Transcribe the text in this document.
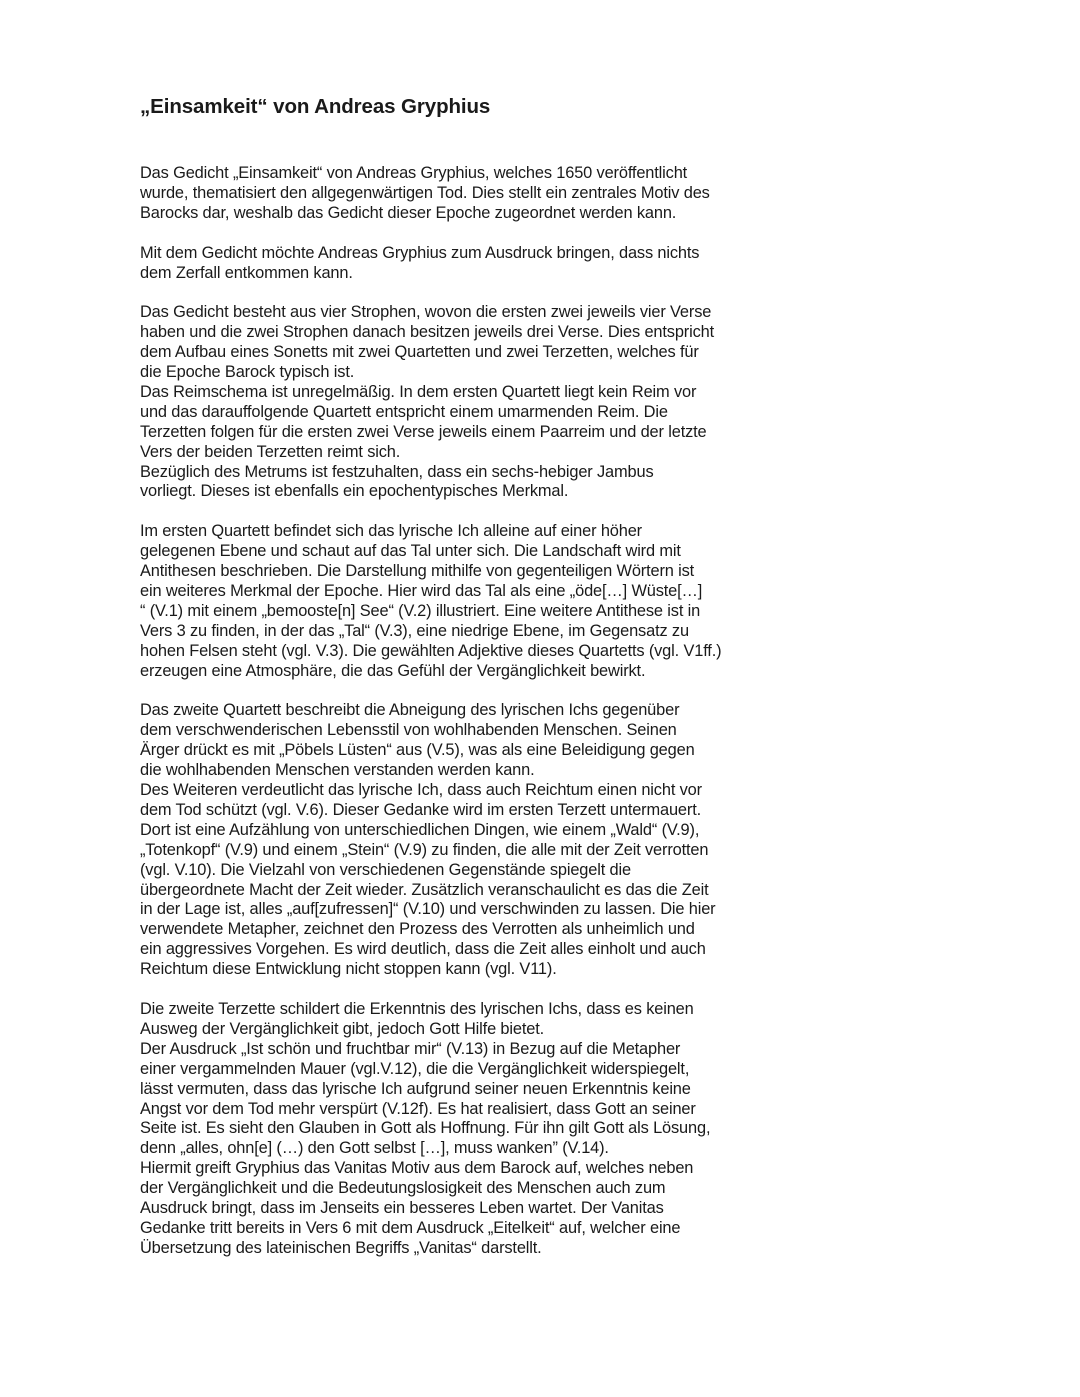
„Einsamkeit“ von Andreas Gryphius

Das Gedicht „Einsamkeit“ von Andreas Gryphius, welches 1650 veröffentlicht
wurde, thematisiert den allgegenwärtigen Tod. Dies stellt ein zentrales Motiv des
Barocks dar, weshalb das Gedicht dieser Epoche zugeordnet werden kann.

Mit dem Gedicht möchte Andreas Gryphius zum Ausdruck bringen, dass nichts
dem Zerfall entkommen kann.

Das Gedicht besteht aus vier Strophen, wovon die ersten zwei jeweils vier Verse
haben und die zwei Strophen danach besitzen jeweils drei Verse. Dies entspricht
dem Aufbau eines Sonetts mit zwei Quartetten und zwei Terzetten, welches für
die Epoche Barock typisch ist.
Das Reimschema ist unregelmäßig. In dem ersten Quartett liegt kein Reim vor
und das darauffolgende Quartett entspricht einem umarmenden Reim. Die
Terzetten folgen für die ersten zwei Verse jeweils einem Paarreim und der letzte
Vers der beiden Terzetten reimt sich.
Bezüglich des Metrums ist festzuhalten, dass ein sechs-hebiger Jambus
vorliegt. Dieses ist ebenfalls ein epochentypisches Merkmal.

Im ersten Quartett befindet sich das lyrische Ich alleine auf einer höher
gelegenen Ebene und schaut auf das Tal unter sich. Die Landschaft wird mit
Antithesen beschrieben. Die Darstellung mithilfe von gegenteiligen Wörtern ist
ein weiteres Merkmal der Epoche. Hier wird das Tal als eine „öde[…] Wüste[…]
“ (V.1) mit einem „bemooste[n] See“ (V.2) illustriert. Eine weitere Antithese ist in
Vers 3 zu finden, in der das „Tal“ (V.3), eine niedrige Ebene, im Gegensatz zu
hohen Felsen steht (vgl. V.3). Die gewählten Adjektive dieses Quartetts (vgl. V1ff.)
erzeugen eine Atmosphäre, die das Gefühl der Vergänglichkeit bewirkt.

Das zweite Quartett beschreibt die Abneigung des lyrischen Ichs gegenüber
dem verschwenderischen Lebensstil von wohlhabenden Menschen. Seinen
Ärger drückt es mit „Pöbels Lüsten“ aus (V.5), was als eine Beleidigung gegen
die wohlhabenden Menschen verstanden werden kann.
Des Weiteren verdeutlicht das lyrische Ich, dass auch Reichtum einen nicht vor
dem Tod schützt (vgl. V.6). Dieser Gedanke wird im ersten Terzett untermauert.
Dort ist eine Aufzählung von unterschiedlichen Dingen, wie einem „Wald“ (V.9),
„Totenkopf“ (V.9) und einem „Stein“ (V.9) zu finden, die alle mit der Zeit verrotten
(vgl. V.10). Die Vielzahl von verschiedenen Gegenstände spiegelt die
übergeordnete Macht der Zeit wieder. Zusätzlich veranschaulicht es das die Zeit
in der Lage ist, alles „auf[zufressen]“ (V.10) und verschwinden zu lassen. Die hier
verwendete Metapher, zeichnet den Prozess des Verrotten als unheimlich und
ein aggressives Vorgehen. Es wird deutlich, dass die Zeit alles einholt und auch
Reichtum diese Entwicklung nicht stoppen kann (vgl. V11).

Die zweite Terzette schildert die Erkenntnis des lyrischen Ichs, dass es keinen
Ausweg der Vergänglichkeit gibt, jedoch Gott Hilfe bietet.
Der Ausdruck „Ist schön und fruchtbar mir“ (V.13) in Bezug auf die Metapher
einer vergammelnden Mauer (vgl.V.12), die die Vergänglichkeit widerspiegelt,
lässt vermuten, dass das lyrische Ich aufgrund seiner neuen Erkenntnis keine
Angst vor dem Tod mehr verspürt (V.12f). Es hat realisiert, dass Gott an seiner
Seite ist. Es sieht den Glauben in Gott als Hoffnung. Für ihn gilt Gott als Lösung,
denn „alles, ohn[e] (…) den Gott selbst […], muss wanken” (V.14).
Hiermit greift Gryphius das Vanitas Motiv aus dem Barock auf, welches neben
der Vergänglichkeit und die Bedeutungslosigkeit des Menschen auch zum
Ausdruck bringt, dass im Jenseits ein besseres Leben wartet. Der Vanitas
Gedanke tritt bereits in Vers 6 mit dem Ausdruck „Eitelkeit“ auf, welcher eine
Übersetzung des lateinischen Begriffs „Vanitas“ darstellt.
